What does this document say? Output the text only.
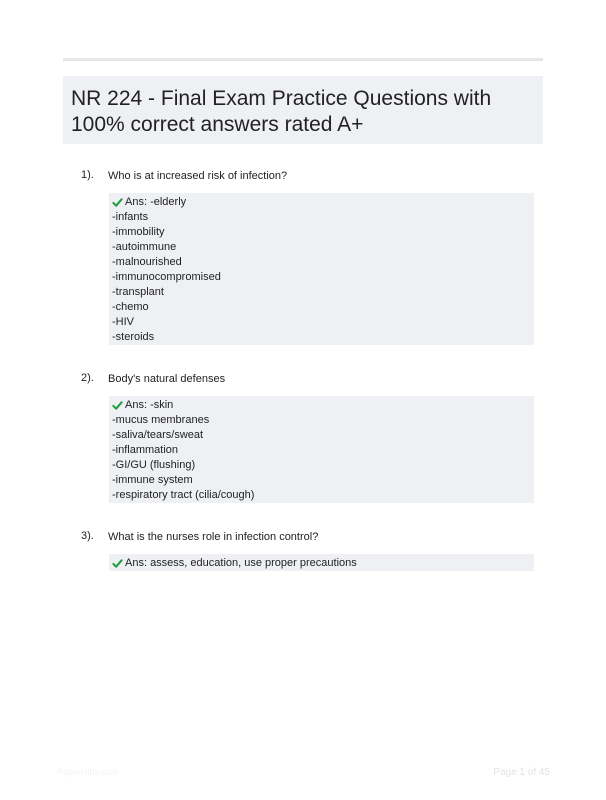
NR 224 - Final Exam Practice Questions with 100% correct answers rated A+
1). Who is at increased risk of infection?
Ans: -elderly
-infants
-immobility
-autoimmune
-malnourished
-immunocompromised
-transplant
-chemo
-HIV
-steroids
2). Body's natural defenses
Ans: -skin
-mucus membranes
-saliva/tears/sweat
-inflammation
-GI/GU (flushing)
-immune system
-respiratory tract (cilia/cough)
3). What is the nurses role in infection control?
Ans: assess, education, use proper precautions
PaperNibs.com	Page 1 of 45
